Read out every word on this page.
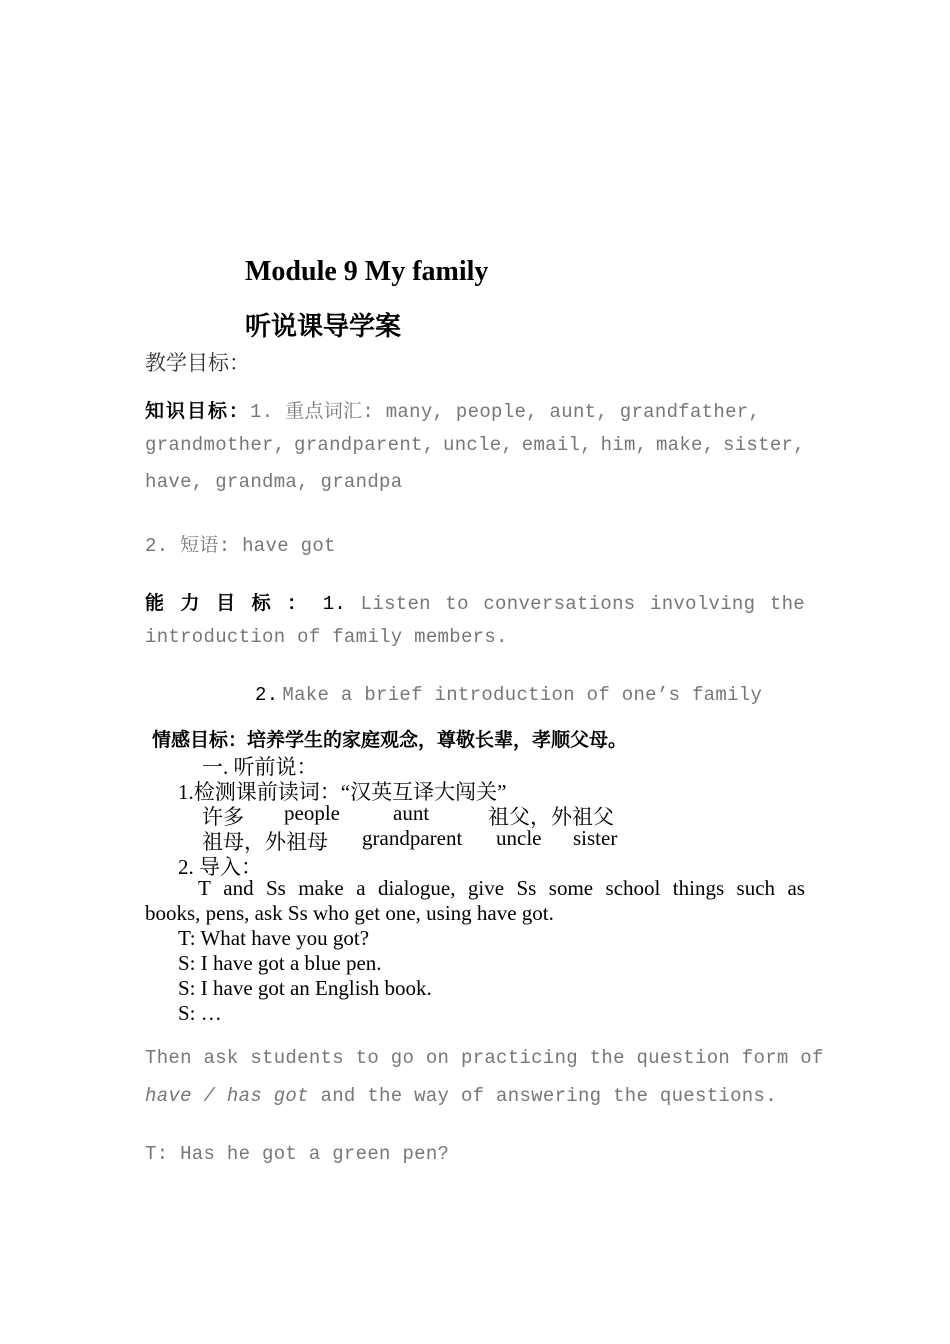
Module 9 My family
听说课导学案
教学目标：
知识目标：1. 重点词汇: many, people, aunt, grandfather,
grandmother, grandparent, uncle, email, him, make, sister,
have, grandma, grandpa
2. 短语: have got
能 力 目 标 ： 1. Listen to conversations involving the
introduction of family members.
2. Make a brief introduction of one’s family
情感目标：培养学生的家庭观念，尊敬长辈，孝顺父母。
一. 听前说：
1.检测课前读词：“汉英互译大闯关”
许多 people	aunt	祖父，外祖父
祖母，外祖母 grandparent uncle sister
2. 导入：
T and Ss make a dialogue, give Ss some school things such as
books, pens, ask Ss who get one, using have got.
T: What have you got?
S: I have got a blue pen.
S: I have got an English book.
S: …
Then ask students to go on practicing the question form of
have / has got and the way of answering the questions.
T: Has he got a green pen?
